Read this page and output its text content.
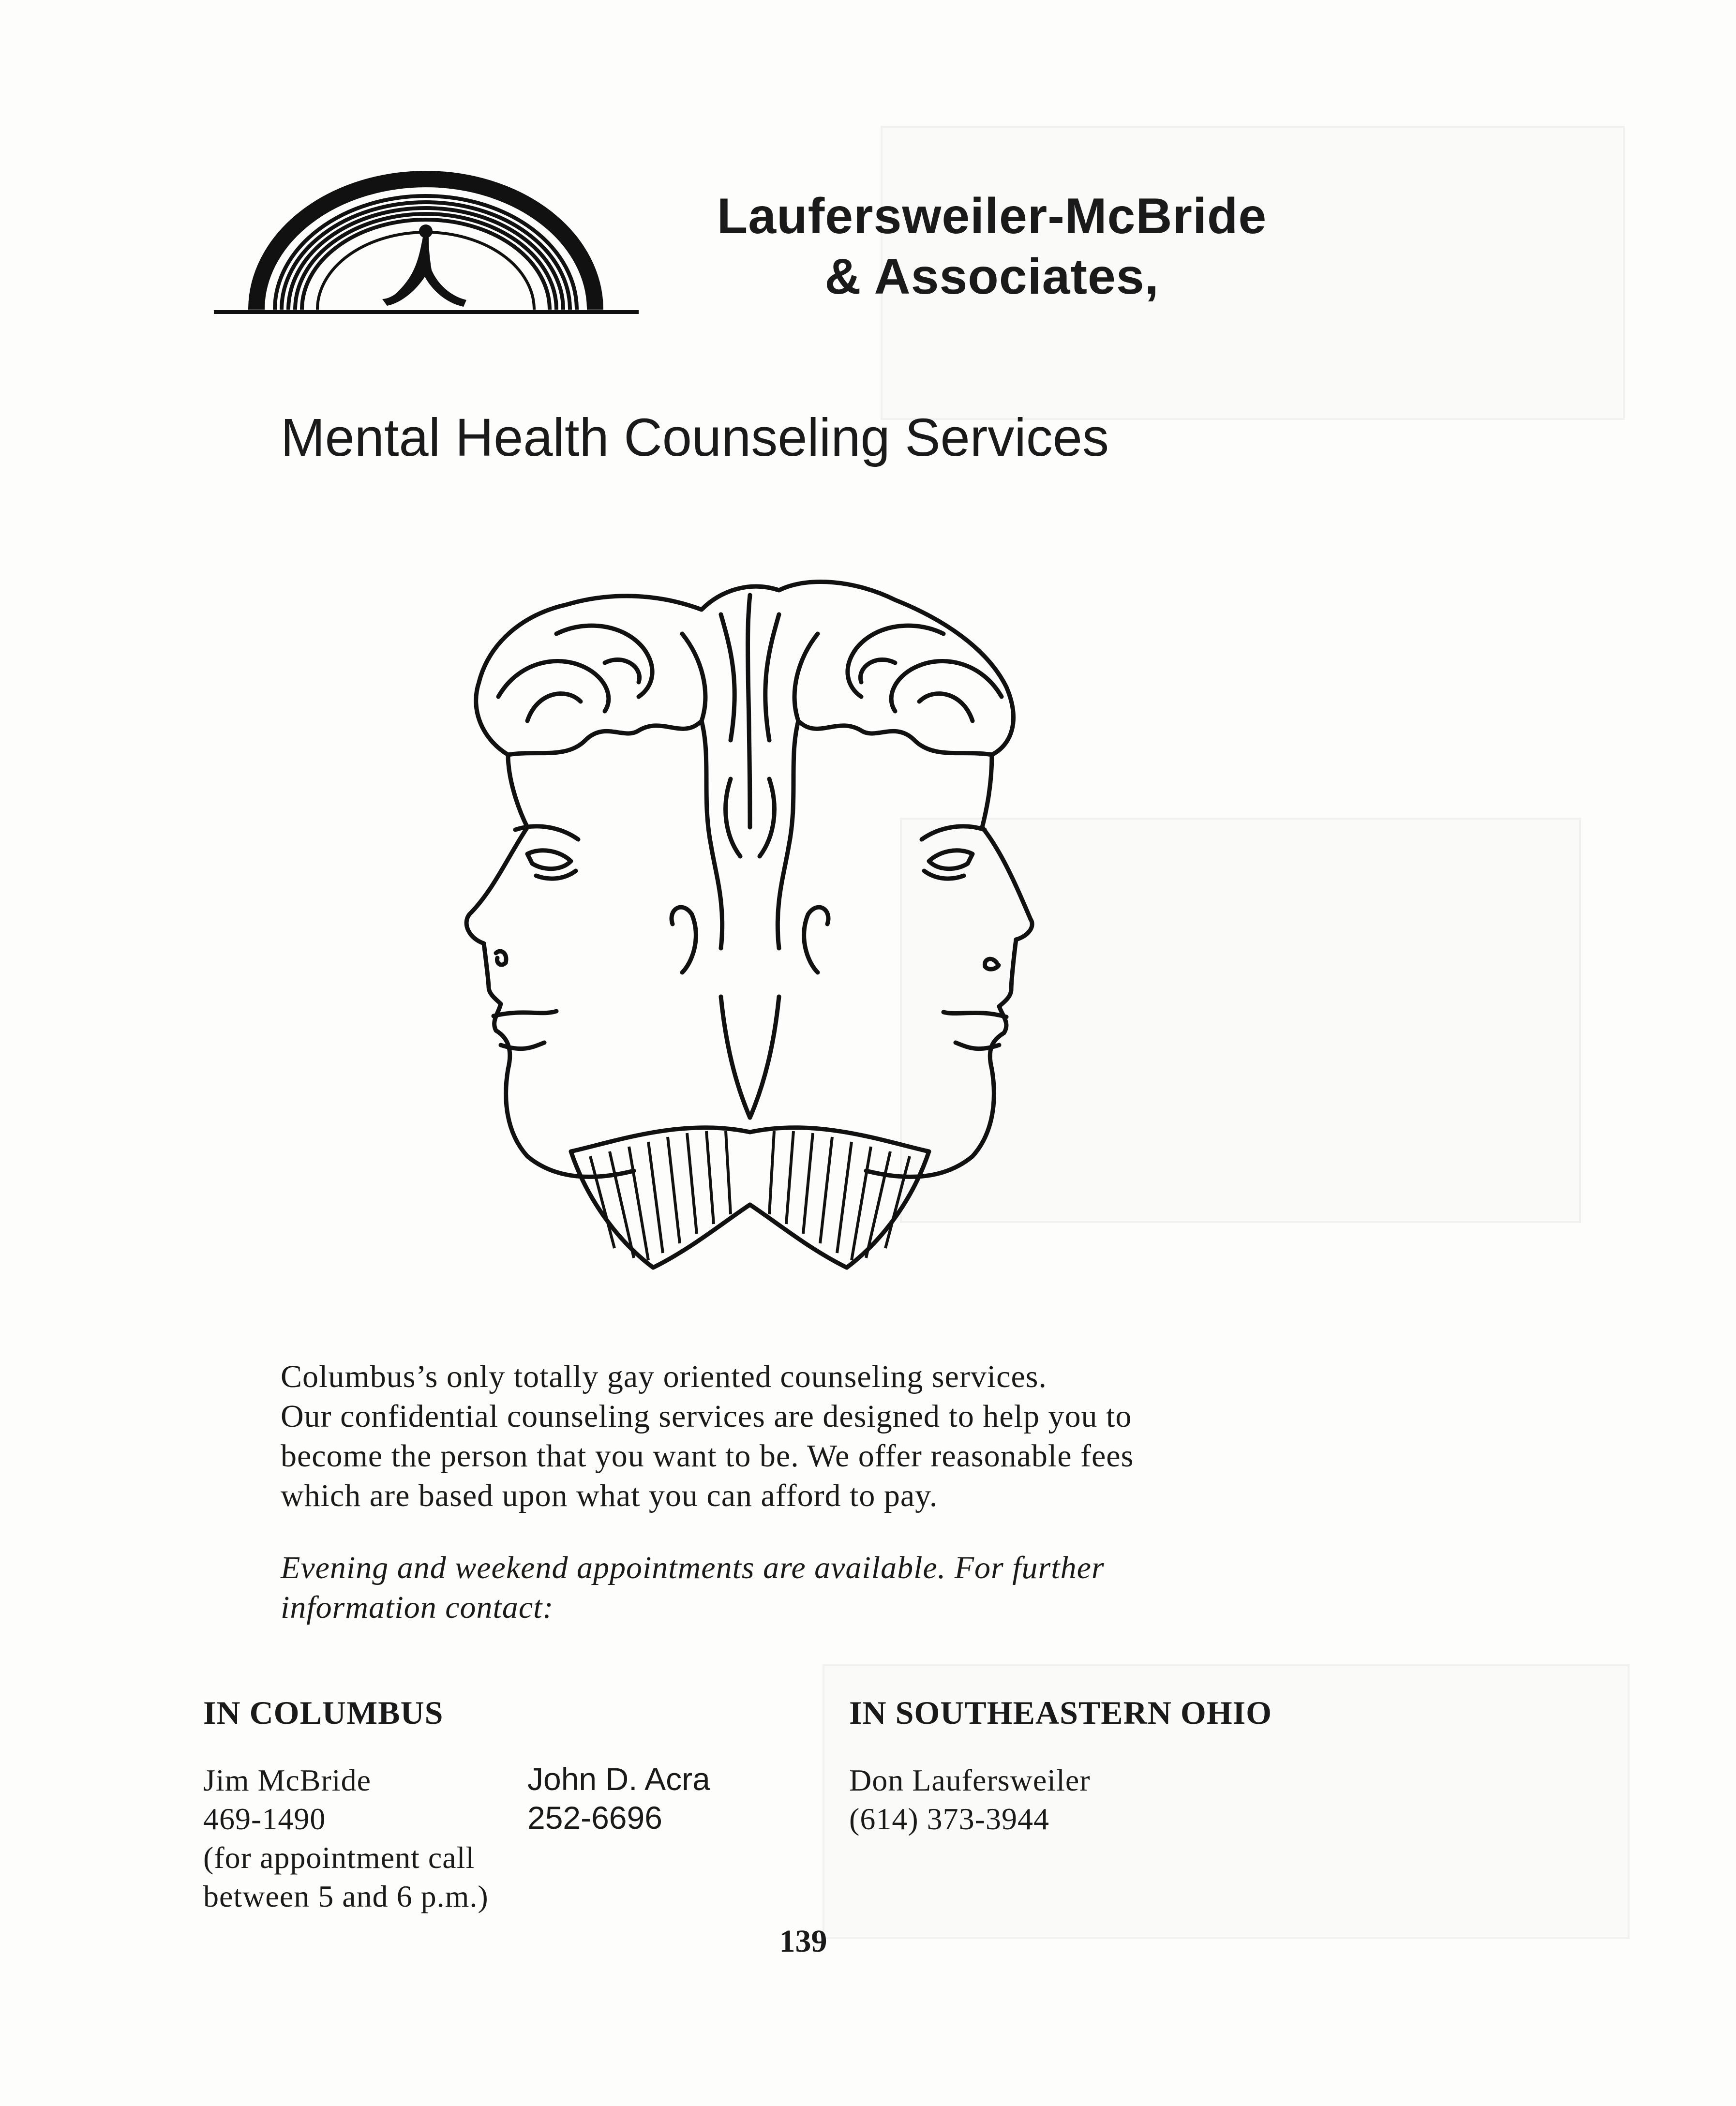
Laufersweiler-McBride
& Associates,
Mental Health Counseling Services

Columbus’s only totally gay oriented counseling services.

Our confidential counseling services are designed to help you to

become the person that you want to be. We offer reasonable fees

which are based upon what you can afford to pay.

Evening and weekend appointments are available. For further
information contact:
IN COLUMBUS	IN SOUTHEASTERN OHIO
Jim McBride
469-1490
(for appointment call
between 5 and 6 p.m.)
John D. Acra
252-6696
Don Laufersweiler
(614) 373-3944
139
